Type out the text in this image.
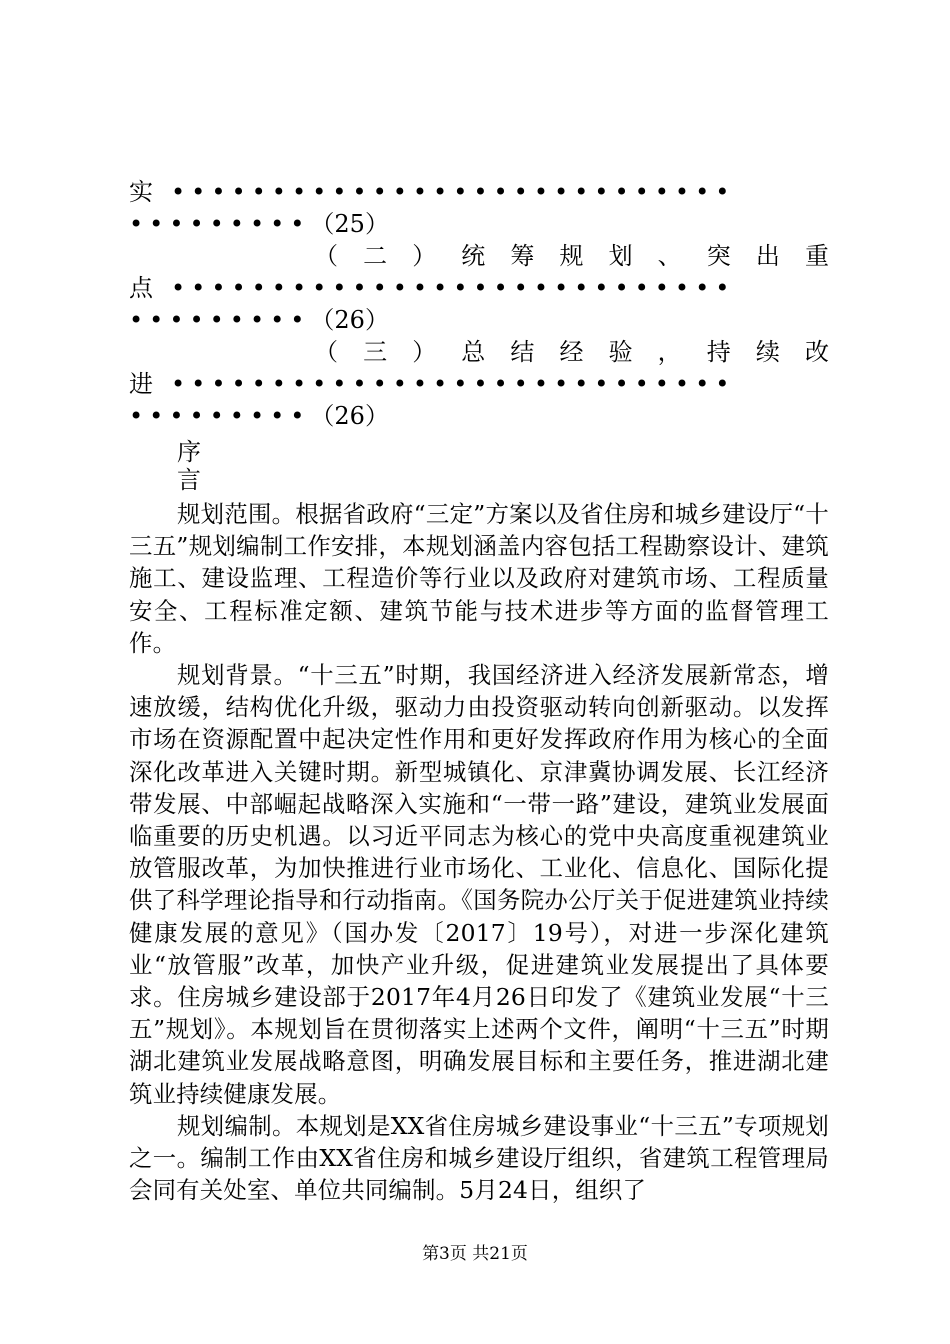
实 ••••••••••••••••••••••••••••
••••••••• （25）
（ 二 ） 统 筹 规 划 、 突 出 重
点 ••••••••••••••••••••••••••••
••••••••• （26）
（ 三 ） 总 结 经 验 ， 持 续 改
进 ••••••••••••••••••••••••••••
••••••••• （26）
序
言

规划范围。根据省政府“三定”方案以及省住房和城乡建设厅“十三五”规划编制工作安排，本规划涵盖内容包括工程勘察设计、建筑施工、建设监理、工程造价等行业以及政府对建筑市场、工程质量安全、工程标准定额、建筑节能与技术进步等方面的监督管理工作。

规划背景。“十三五”时期，我国经济进入经济发展新常态，增速放缓，结构优化升级，驱动力由投资驱动转向创新驱动。以发挥市场在资源配置中起决定性作用和更好发挥政府作用为核心的全面深化改革进入关键时期。新型城镇化、京津冀协调发展、长江经济带发展、中部崛起战略深入实施和“一带一路”建设，建筑业发展面临重要的历史机遇。以习近平同志为核心的党中央高度重视建筑业放管服改革，为加快推进行业市场化、工业化、信息化、国际化提供了科学理论指导和行动指南。《国务院办公厅关于促进建筑业持续健康发展的意见》（国办发〔2017〕19号），对进一步深化建筑业“放管服”改革，加快产业升级，促进建筑业发展提出了具体要求。住房城乡建设部于2017年4月26日印发了《建筑业发展“十三五”规划》。本规划旨在贯彻落实上述两个文件，阐明“十三五”时期湖北建筑业发展战略意图，明确发展目标和主要任务，推进湖北建筑业持续健康发展。

规划编制。本规划是XX省住房城乡建设事业“十三五”专项规划之一。编制工作由XX省住房和城乡建设厅组织，省建筑工程管理局会同有关处室、单位共同编制。5月24日，组织了

第3页 共21页
